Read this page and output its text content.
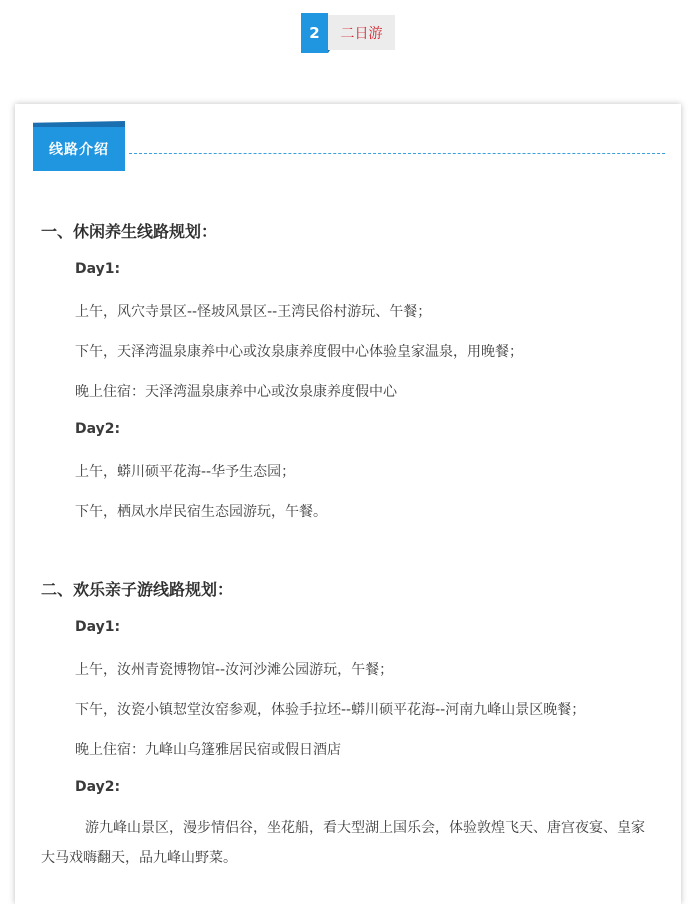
2	二日游
线路介绍
一、休闲养生线路规划：
Day1:
上午，风穴寺景区--怪坡风景区--王湾民俗村游玩、午餐；
下午，天泽湾温泉康养中心或汝泉康养度假中心体验皇家温泉，用晚餐；
晚上住宿：天泽湾温泉康养中心或汝泉康养度假中心
Day2:
上午，蟒川硕平花海--华予生态园；
下午，栖凤水岸民宿生态园游玩，午餐。
二、欢乐亲子游线路规划：
Day1:
上午，汝州青瓷博物馆--汝河沙滩公园游玩，午餐；
下午，汝瓷小镇恝堂汝窑参观，体验手拉坯--蟒川硕平花海--河南九峰山景区晚餐；
晚上住宿：九峰山乌篷雅居民宿或假日酒店
Day2:
游九峰山景区，漫步情侣谷，坐花船，看大型湖上国乐会，体验敦煌飞天、唐宫夜宴、皇家大马戏嗨翻天，品九峰山野菜。
